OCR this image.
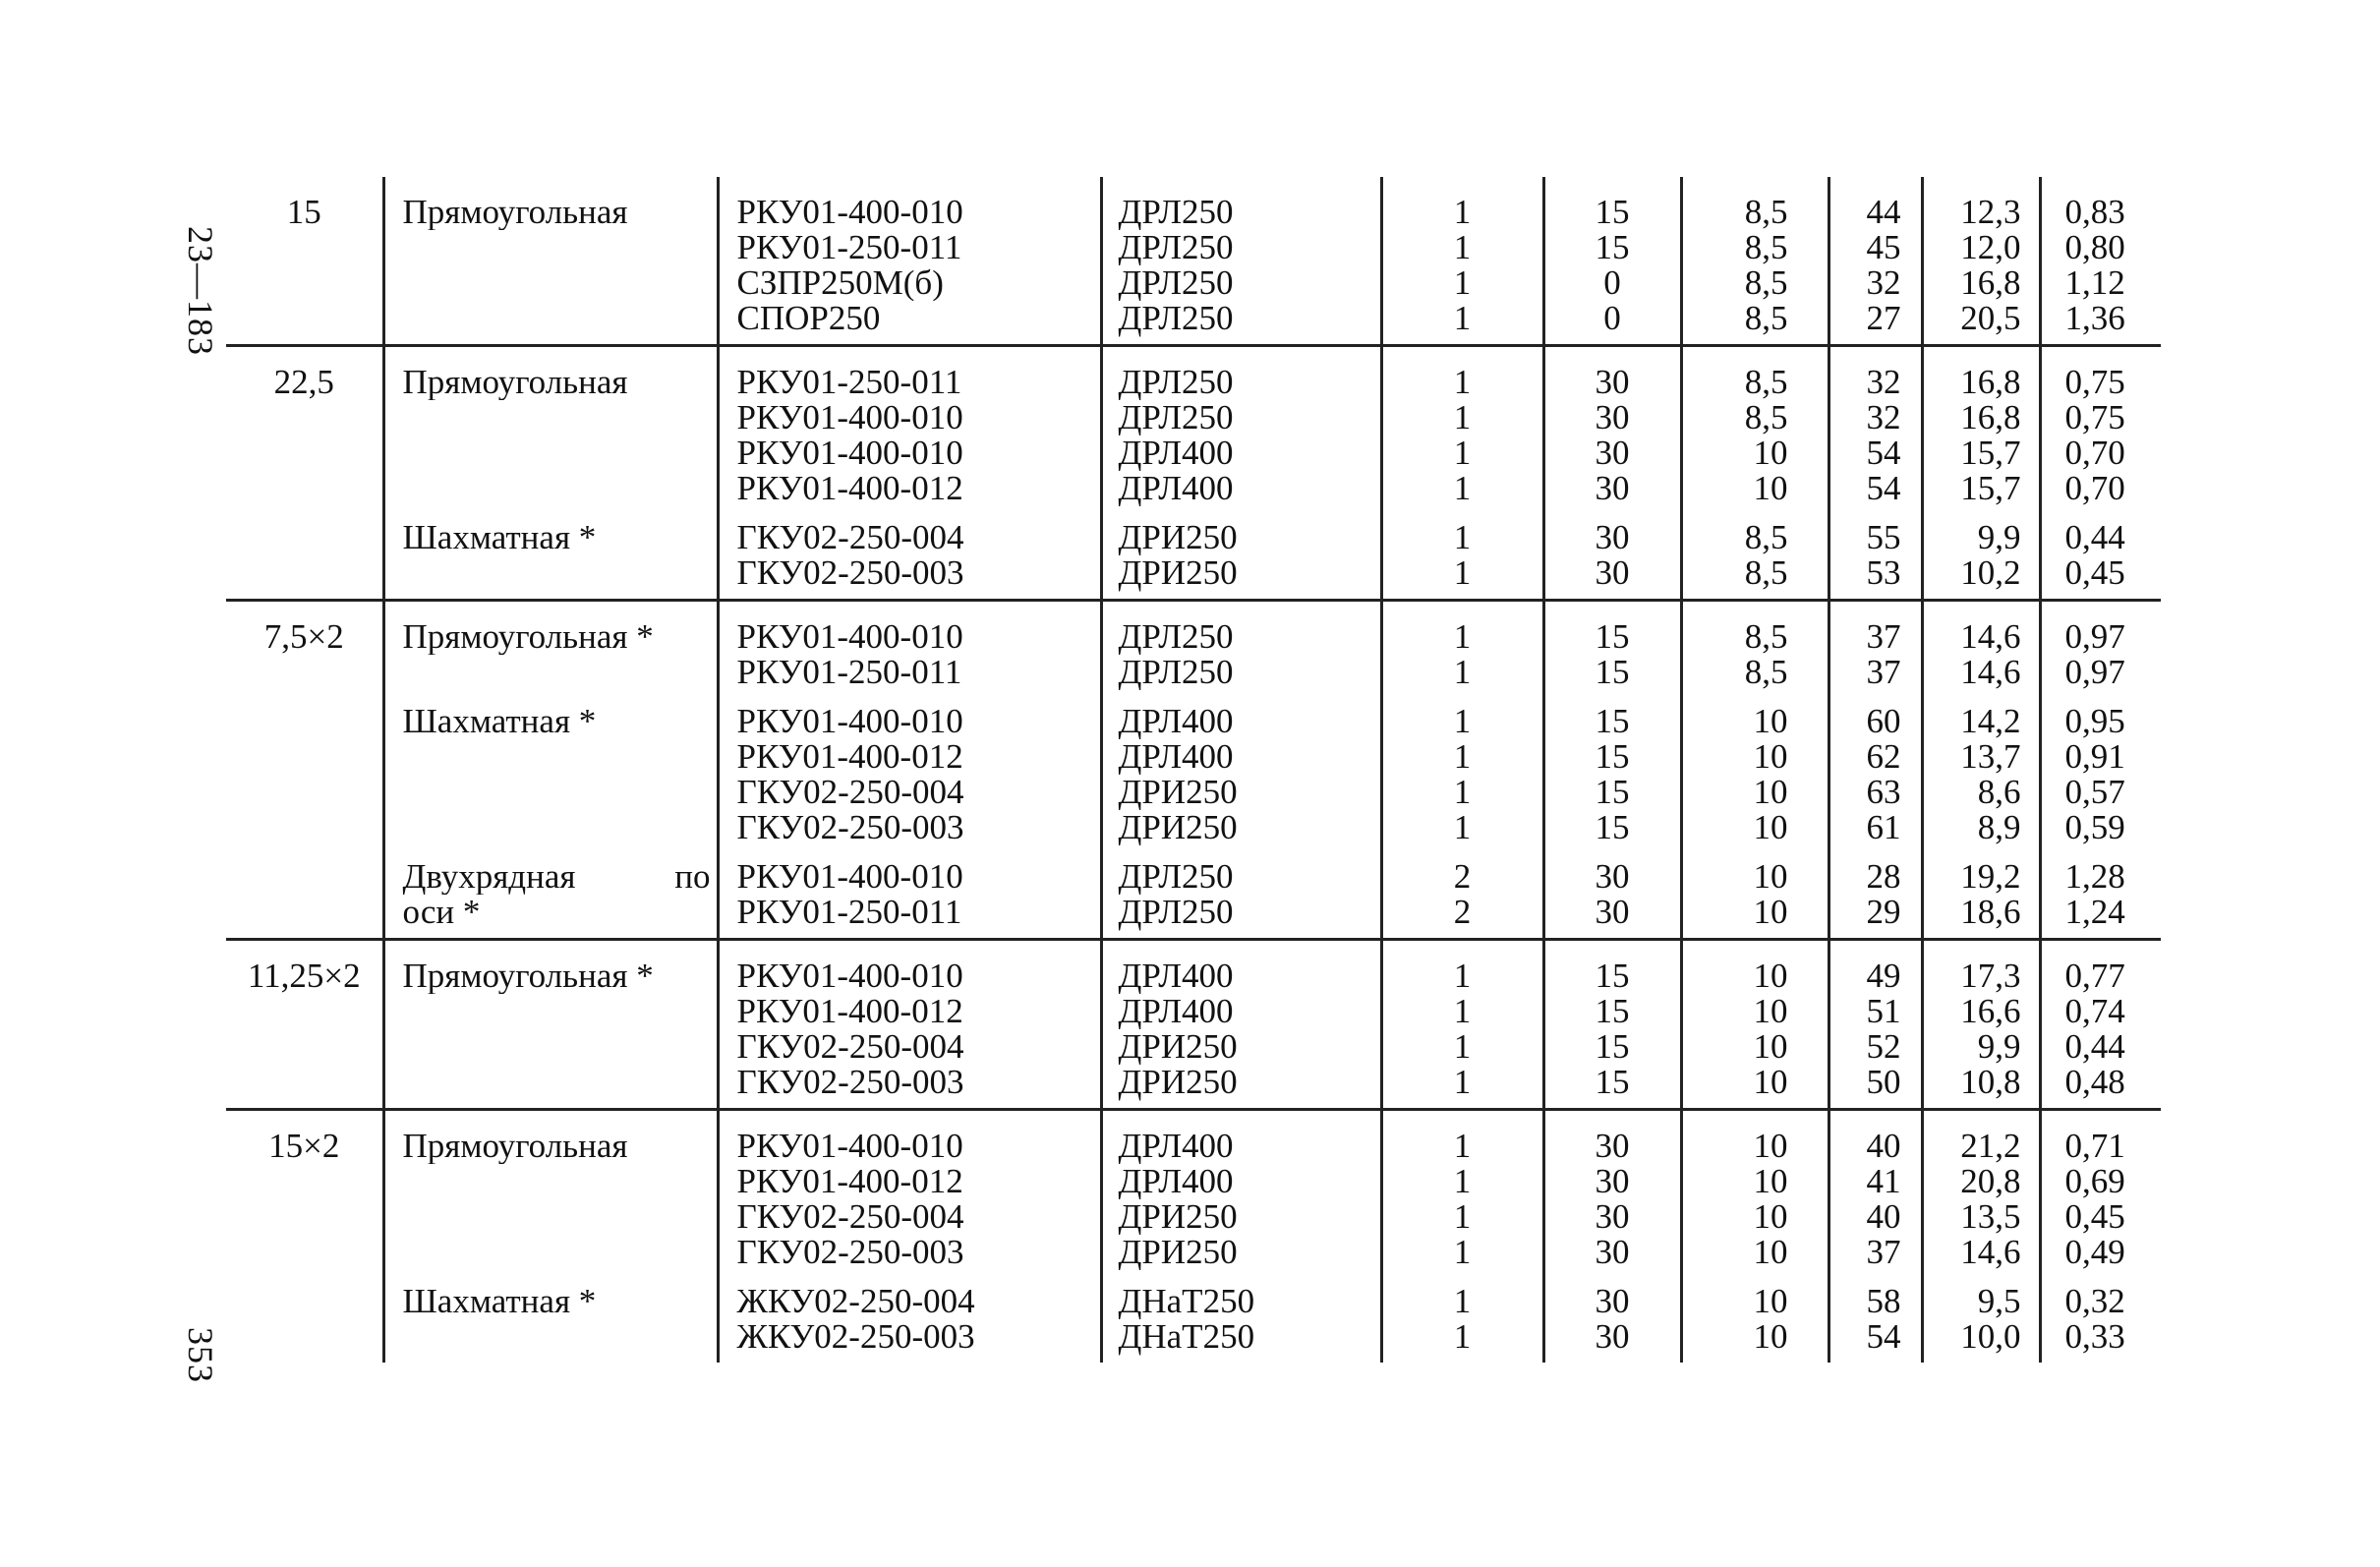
23—183
353
15	Прямоугольная	РКУ01-400-010	ДРЛ250	1	15	8,5	44	12,3	0,83
		РКУ01-250-011	ДРЛ250	1	15	8,5	45	12,0	0,80
		СЗПР250М(б)	ДРЛ250	1	0	8,5	32	16,8	1,12
		СПОР250	ДРЛ250	1	0	8,5	27	20,5	1,36

22,5	Прямоугольная	РКУ01-250-011	ДРЛ250	1	30	8,5	32	16,8	0,75
		РКУ01-400-010	ДРЛ250	1	30	8,5	32	16,8	0,75
		РКУ01-400-010	ДРЛ400	1	30	10	54	15,7	0,70
		РКУ01-400-012	ДРЛ400	1	30	10	54	15,7	0,70
	Шахматная *	ГКУ02-250-004	ДРИ250	1	30	8,5	55	9,9	0,44
		ГКУ02-250-003	ДРИ250	1	30	8,5	53	10,2	0,45

7,5×2	Прямоугольная *	РКУ01-400-010	ДРЛ250	1	15	8,5	37	14,6	0,97
		РКУ01-250-011	ДРЛ250	1	15	8,5	37	14,6	0,97
	Шахматная *	РКУ01-400-010	ДРЛ400	1	15	10	60	14,2	0,95
		РКУ01-400-012	ДРЛ400	1	15	10	62	13,7	0,91
		ГКУ02-250-004	ДРИ250	1	15	10	63	8,6	0,57
		ГКУ02-250-003	ДРИ250	1	15	10	61	8,9	0,59
	Двухрядная по	РКУ01-400-010	ДРЛ250	2	30	10	28	19,2	1,28
	оси *	РКУ01-250-011	ДРЛ250	2	30	10	29	18,6	1,24

11,25×2	Прямоугольная *	РКУ01-400-010	ДРЛ400	1	15	10	49	17,3	0,77
		РКУ01-400-012	ДРЛ400	1	15	10	51	16,6	0,74
		ГКУ02-250-004	ДРИ250	1	15	10	52	9,9	0,44
		ГКУ02-250-003	ДРИ250	1	15	10	50	10,8	0,48

15×2	Прямоугольная	РКУ01-400-010	ДРЛ400	1	30	10	40	21,2	0,71
		РКУ01-400-012	ДРЛ400	1	30	10	41	20,8	0,69
		ГКУ02-250-004	ДРИ250	1	30	10	40	13,5	0,45
		ГКУ02-250-003	ДРИ250	1	30	10	37	14,6	0,49
	Шахматная *	ЖКУ02-250-004	ДНаТ250	1	30	10	58	9,5	0,32
		ЖКУ02-250-003	ДНаТ250	1	30	10	54	10,0	0,33
